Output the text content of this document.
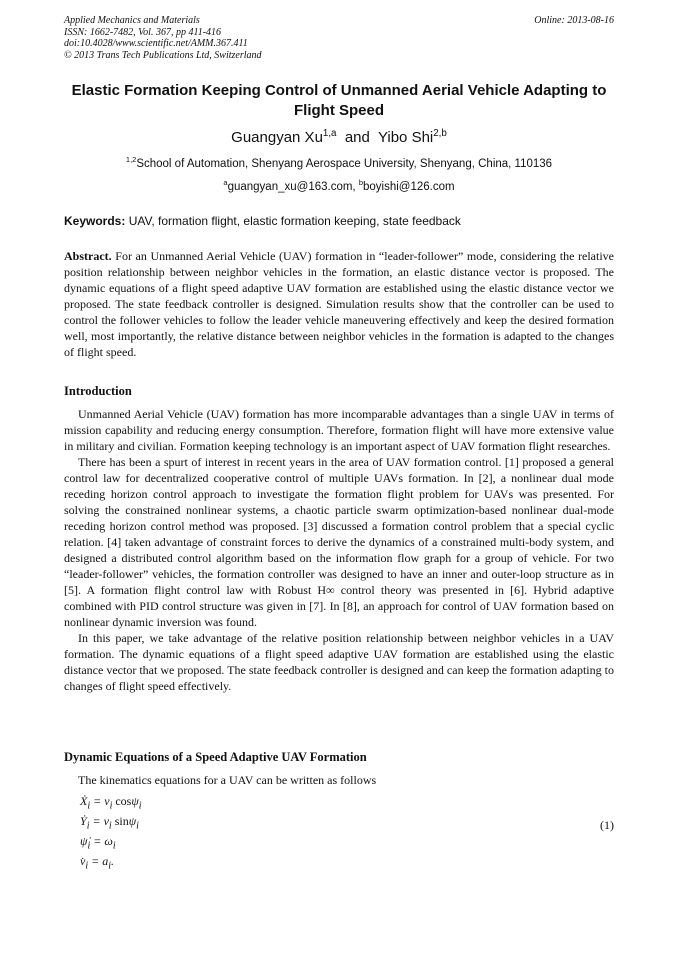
Applied Mechanics and Materials
ISSN: 1662-7482, Vol. 367, pp 411-416
doi:10.4028/www.scientific.net/AMM.367.411
© 2013 Trans Tech Publications Ltd, Switzerland
Online: 2013-08-16
Elastic Formation Keeping Control of Unmanned Aerial Vehicle Adapting to Flight Speed
Guangyan Xu$^{1,a}$ and Yibo Shi$^{2,b}$
$^{1,2}$School of Automation, Shenyang Aerospace University, Shenyang, China, 110136
$^a$guangyan_xu@163.com, $^b$boyishi@126.com
Keywords: UAV, formation flight, elastic formation keeping, state feedback
Abstract. For an Unmanned Aerial Vehicle (UAV) formation in “leader-follower” mode, considering the relative position relationship between neighbor vehicles in the formation, an elastic distance vector is proposed. The dynamic equations of a flight speed adaptive UAV formation are established using the elastic distance vector we proposed. The state feedback controller is designed. Simulation results show that the controller can be used to control the follower vehicles to follow the leader vehicle maneuvering effectively and keep the desired formation well, most importantly, the relative distance between neighbor vehicles in the formation is adapted to the changes of flight speed.
Introduction

Unmanned Aerial Vehicle (UAV) formation has more incomparable advantages than a single UAV in terms of mission capability and reducing energy consumption. Therefore, formation flight will have more extensive value in military and civilian. Formation keeping technology is an important aspect of UAV formation flight researches.

There has been a spurt of interest in recent years in the area of UAV formation control. [1] proposed a general control law for decentralized cooperative control of multiple UAVs formation. In [2], a nonlinear dual mode receding horizon control approach to investigate the formation flight problem for UAVs was presented. For solving the constrained nonlinear systems, a chaotic particle swarm optimization-based nonlinear dual-mode receding horizon control method was proposed. [3] discussed a formation control problem that a special cyclic relation. [4] taken advantage of constraint forces to derive the dynamics of a constrained multi-body system, and designed a distributed control algorithm based on the information flow graph for a group of vehicle. For two “leader-follower” vehicles, the formation controller was designed to have an inner and outer-loop structure as in [5]. A formation flight control law with Robust H∞ control theory was presented in [6]. Hybrid adaptive combined with PID control structure was given in [7]. In [8], an approach for control of UAV formation based on nonlinear dynamic inversion was found.

In this paper, we take advantage of the relative position relationship between neighbor vehicles in a UAV formation. The dynamic equations of a flight speed adaptive UAV formation are established using the elastic distance vector that we proposed. The state feedback controller is designed and can keep the formation adapting to changes of flight speed effectively.

Dynamic Equations of a Speed Adaptive UAV Formation

The kinematics equations for a UAV can be written as follows

$Ẋ_i = v_i$ cosψ$_i$
$Ẏ_i = v_i$ sinψ$_i$
$\psi̇_i = \omega_i$
$v̇_i = a_i$.
(1)
